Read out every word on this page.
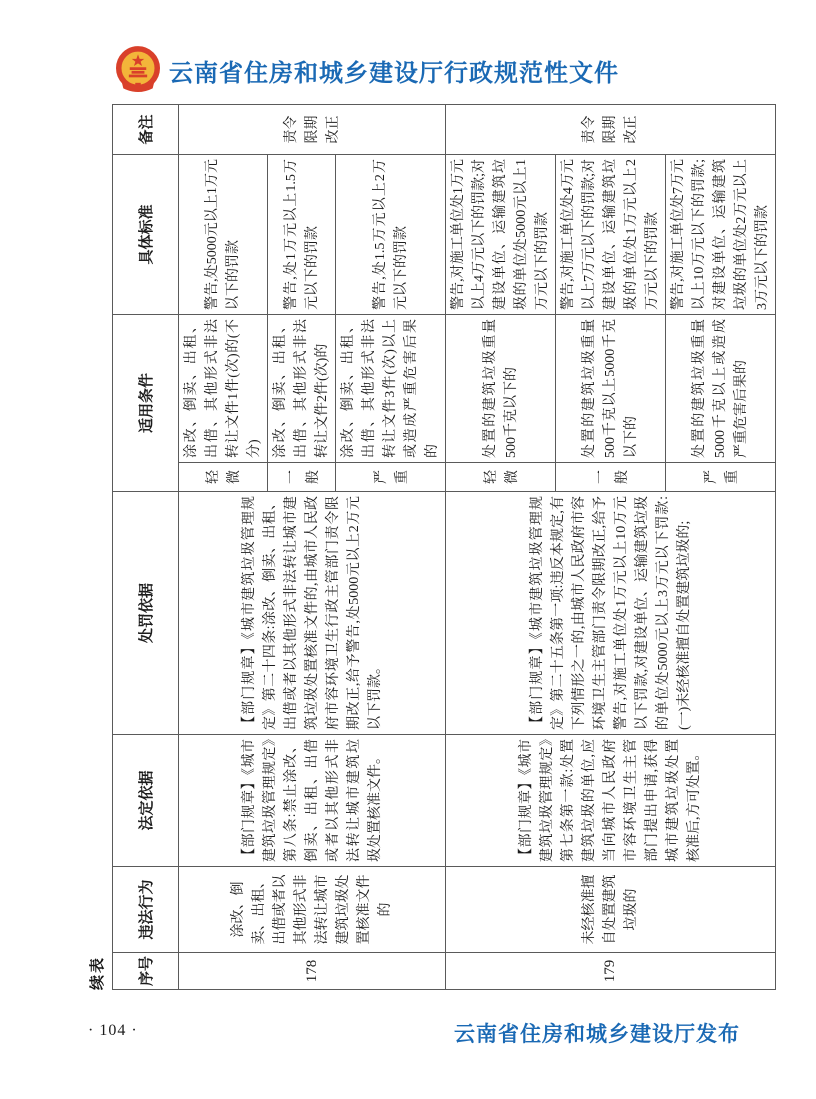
云南省住房和城乡建设厅行政规范性文件
续表	序号	违法行为	法定依据	处罚依据	适用条件		具体标准	备注
178	涂改、倒卖、出租、出借或者以其他形式非法转让城市建筑垃圾处置核准文件的	【部门规章】《城市建筑垃圾管理规定》第八条:禁止涂改、倒卖、出租、出借或者以其他形式非法转让城市建筑垃圾处置核准文件。	【部门规章】《城市建筑垃圾管理规定》第二十四条:涂改、倒卖、出租、出借或者以其他形式非法转让城市建筑垃圾处置核准文件的,由城市人民政府市容环境卫生行政主管部门责令限期改正,给予警告,处5000元以上2万元以下罚款。	轻微	涂改、倒卖、出租、出借、其他形式非法转让文件1件(次)的(不分)	警告,处5000元以上1万元以下的罚款	责令限期改正
				一般	涂改、倒卖、出租、出借、其他形式非法转让文件2件(次)的	警告,处1万元以上1.5万元以下的罚款	
				严重	涂改、倒卖、出租、出借、其他形式非法转让文件3件(次)以上或造成严重危害后果的	警告,处1.5万元以上2万元以下的罚款	
179	未经核准擅自处置建筑垃圾的	【部门规章】《城市建筑垃圾管理规定》第七条第一款:处置建筑垃圾的单位,应当向城市人民政府市容环境卫生主管部门提出申请,获得城市建筑垃圾处置核准后,方可处置。	【部门规章】《城市建筑垃圾管理规定》第二十五条第一项:违反本规定,有下列情形之一的,由城市人民政府市容环境卫生主管部门责令限期改正,给予警告,对施工单位处1万元以上10万元以下罚款,对建设单位、运输建筑垃圾的单位处5000元以上3万元以下罚款:(一)未经核准擅自处置建筑垃圾的;	轻微	处置的建筑垃圾重量500千克以下的	警告,对施工单位处1万元以上4万元以下的罚款;对建设单位、运输建筑垃圾的单位处5000元以上1万元以下的罚款	责令限期改正
				一般	处置的建筑垃圾重量500千克以上5000千克以下的	警告,对施工单位处4万元以上7万元以下的罚款;对建设单位、运输建筑垃圾的单位处1万元以上2万元以下的罚款	
				严重	处置的建筑垃圾重量5000千克以上或造成严重危害后果的	警告,对施工单位处7万元以上10万元以下的罚款;对建设单位、运输建筑垃圾的单位处2万元以上3万元以下的罚款	
· 104 ·	云南省住房和城乡建设厅发布
